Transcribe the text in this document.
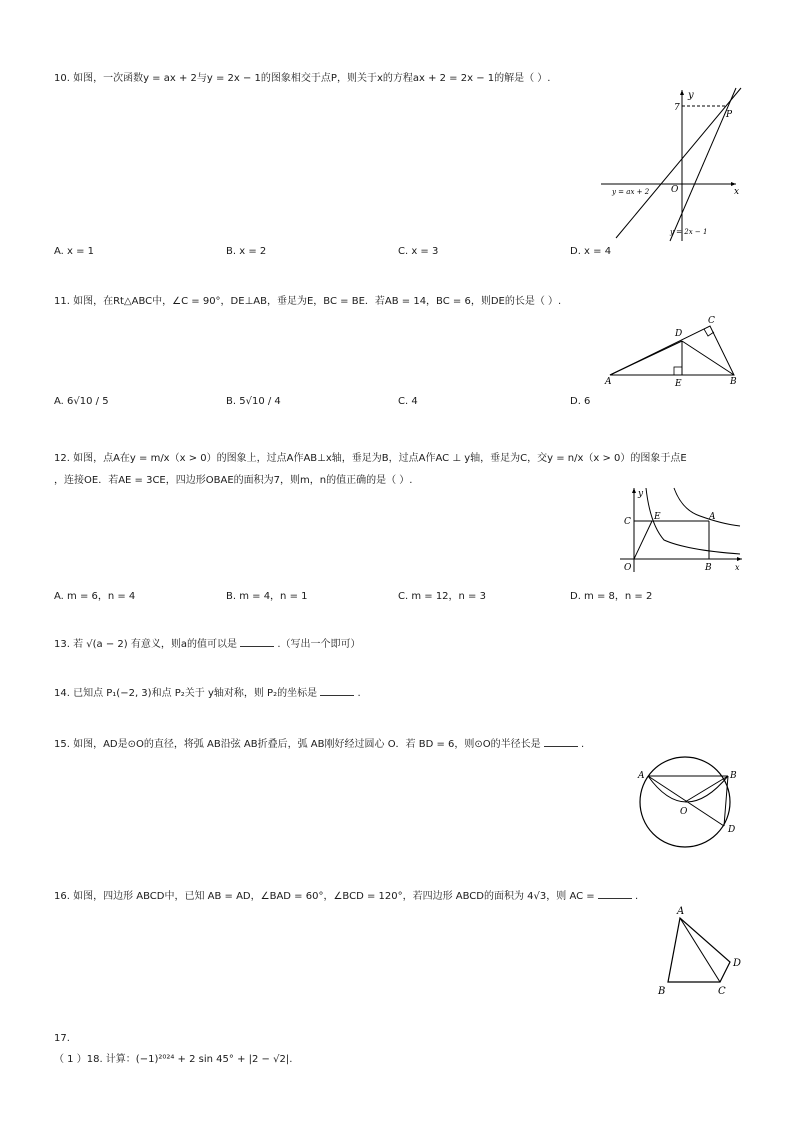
10. 如图，一次函数y = ax + 2与y = 2x − 1的图象相交于点P，则关于x的方程ax + 2 = 2x − 1的解是（ ）.
y
x
O
7
P
y = ax + 2
y = 2x − 1
A. x = 1	B. x = 2	C. x = 3	D. x = 4
11. 如图，在Rt△ABC中，∠C = 90°，DE⊥AB，垂足为E，BC = BE．若AB = 14，BC = 6，则DE的长是（ ）.
A	B
C
D
E
A. 6√10 / 5	B. 5√10 / 4	C. 4	D. 6
12. 如图，点A在y = m/x（x > 0）的图象上，过点A作AB⊥x轴，垂足为B，过点A作AC ⊥ y轴，垂足为C，交y = n/x（x > 0）的图象于点E
，连接OE．若AE = 3CE，四边形OBAE的面积为7，则m，n的值正确的是（ ）.
y
x
O
C	E	A
B
A. m = 6，n = 4	B. m = 4，n = 1	C. m = 12，n = 3	D. m = 8，n = 2
13. 若 √(a − 2) 有意义，则a的值可以是	.（写出一个即可）
14. 已知点 P₁(−2, 3)和点 P₂关于 y轴对称，则 P₂的坐标是	.
15. 如图，AD是⊙O的直径，将弧 AB沿弦 AB折叠后，弧 AB刚好经过圆心 O．若 BD = 6，则⊙O的半径长是	.
A	B
O
D
16. 如图，四边形 ABCD中，已知 AB = AD，∠BAD = 60°，∠BCD = 120°，若四边形 ABCD的面积为 4√3，则 AC =	.
A
B	C
D
17.
（ 1 ）18. 计算：(−1)²⁰²⁴ + 2 sin 45° + |2 − √2|.
